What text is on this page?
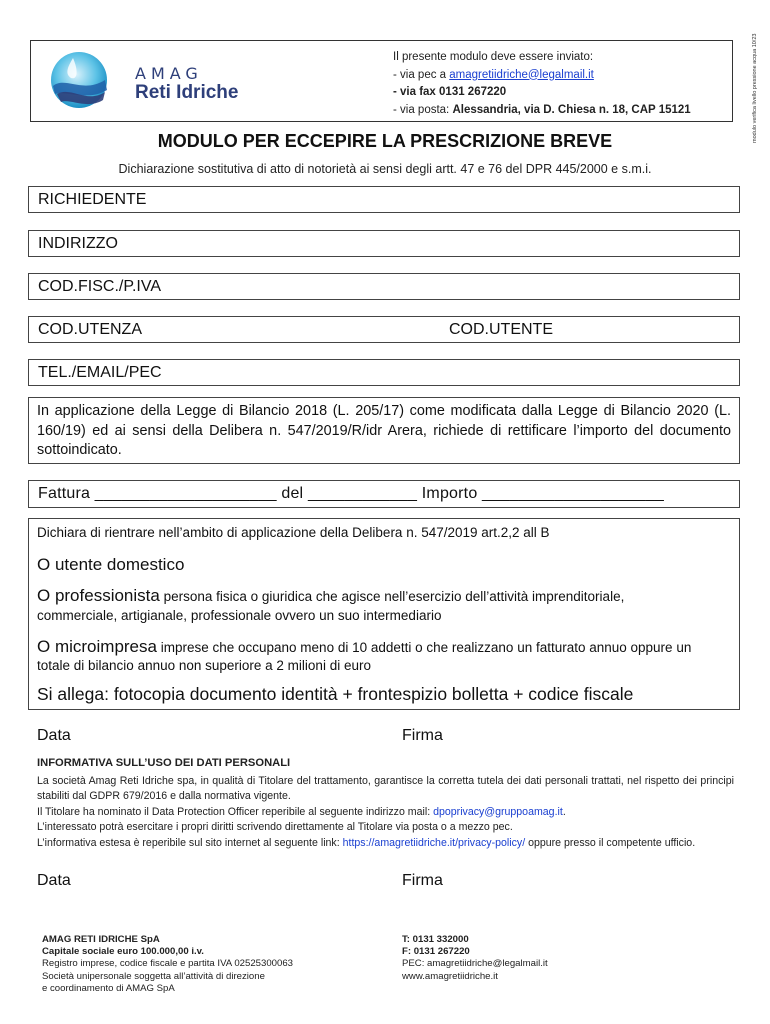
modulo verifica livello pressione acqua 10/23
AMAG
Reti Idriche
Il presente modulo deve essere inviato:
- via pec a amagretiidriche@legalmail.it
- via fax 0131 267220
- via posta: Alessandria, via D. Chiesa n. 18, CAP 15121
MODULO PER ECCEPIRE LA PRESCRIZIONE BREVE
Dichiarazione sostitutiva di atto di notorietà ai sensi degli artt. 47 e 76 del DPR 445/2000 e s.m.i.
RICHIEDENTE
INDIRIZZO
COD.FISC./P.IVA
COD.UTENZA	COD.UTENTE
TEL./EMAIL/PEC
In applicazione della Legge di Bilancio 2018 (L. 205/17) come modificata dalla Legge di Bilancio 2020 (L. 160/19) ed ai sensi della Delibera n. 547/2019/R/idr Arera, richiede di rettificare l’importo del documento sottoindicato.
Fattura ____________________ del ____________ Importo ____________________
Dichiara di rientrare nell’ambito di applicazione della Delibera n. 547/2019 art.2,2 all B
O utente domestico
O professionista persona fisica o giuridica che agisce nell’esercizio dell’attività imprenditoriale,
commerciale, artigianale, professionale ovvero un suo intermediario
O microimpresa imprese che occupano meno di 10 addetti o che realizzano un fatturato annuo oppure un
totale di bilancio annuo non superiore a 2 milioni di euro
Si allega: fotocopia documento identità + frontespizio bolletta + codice fiscale
Data	Firma
INFORMATIVA SULL’USO DEI DATI PERSONALI

La società Amag Reti Idriche spa, in qualità di Titolare del trattamento, garantisce la corretta tutela dei dati personali trattati, nel rispetto dei principi stabiliti dal GDPR 679/2016 e dalla normativa vigente.

Il Titolare ha nominato il Data Protection Officer reperibile al seguente indirizzo mail: dpoprivacy@gruppoamag.it.

L’interessato potrà esercitare i propri diritti scrivendo direttamente al Titolare via posta o a mezzo pec.

L’informativa estesa è reperibile sul sito internet al seguente link: https://amagretiidriche.it/privacy-policy/ oppure presso il competente ufficio.

Data	Firma
AMAG RETI IDRICHE SpA
Capitale sociale euro 100.000,00 i.v.
Registro imprese, codice fiscale e partita IVA 02525300063
Società unipersonale soggetta all’attività di direzione
e coordinamento di AMAG SpA
T: 0131 332000
F: 0131 267220
PEC: amagretiidriche@legalmail.it
www.amagretiidriche.it
